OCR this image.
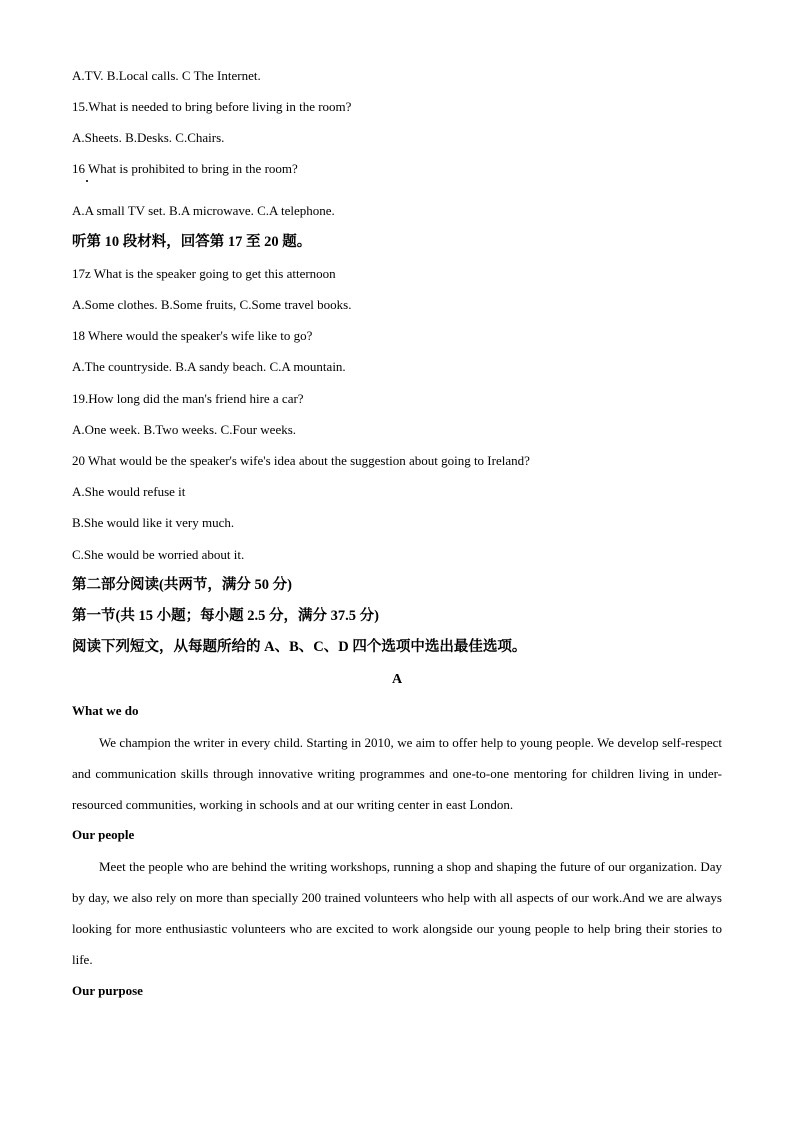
A.TV. B.Local calls. C The Internet.
15.What is needed to bring before living in the room?
A.Sheets. B.Desks. C.Chairs.
16 What is prohibited to bring in the room?
A.A small TV set. B.A microwave. C.A telephone.
听第 10 段材料，回答第 17 至 20 题。
17z What is the speaker going to get this atternoon
A.Some clothes. B.Some fruits, C.Some travel books.
18 Where would the speaker's wife like to go?
A.The countryside. B.A sandy beach. C.A mountain.
19.How long did the man's friend hire a car?
A.One week. B.Two weeks. C.Four weeks.
20 What would be the speaker's wife's idea about the suggestion about going to Ireland?
A.She would refuse it
B.She would like it very much.
C.She would be worried about it.
第二部分阅读(共两节，满分 50 分)
第一节(共 15 小题；每小题 2.5 分，满分 37.5 分)
阅读下列短文，从每题所给的 A、B、C、D 四个选项中选出最佳选项。
A
What we do
We champion the writer in every child. Starting in 2010, we aim to offer help to young people. We develop self-respect and communication skills through innovative writing programmes and one-to-one mentoring for children living in under-resourced communities, working in schools and at our writing center in east London.
Our people
Meet the people who are behind the writing workshops, running a shop and shaping the future of our organization. Day by day, we also rely on more than specially 200 trained volunteers who help with all aspects of our work.And we are always looking for more enthusiastic volunteers who are excited to work alongside our young people to help bring their stories to life.
Our purpose
